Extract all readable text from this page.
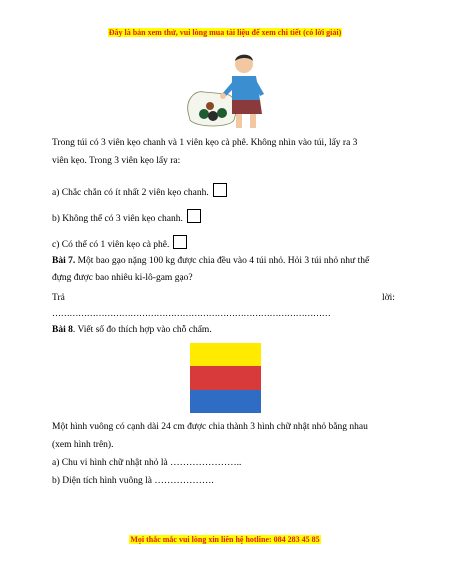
Đây là bản xem thử, vui lòng mua tài liệu để xem chi tiết (có lời giải)
Trong túi có 3 viên kẹo chanh và 1 viên kẹo cà phê. Không nhìn vào túi, lấy ra 3
viên kẹo. Trong 3 viên kẹo lấy ra:
a) Chắc chắn có ít nhất 2 viên kẹo chanh.
b) Không thể có 3 viên kẹo chanh.
c) Có thể có 1 viên kẹo cà phê.
Bài 7. Một bao gạo nặng 100 kg được chia đều vào 4 túi nhỏ. Hỏi 3 túi nhỏ như thế
đựng được bao nhiêu ki-lô-gam gạo?
Trả	lời:
……………………………………………………………………………………
Bài 8. Viết số đo thích hợp vào chỗ chấm.
Một hình vuông có cạnh dài 24 cm được chia thành 3 hình chữ nhật nhỏ bằng nhau
(xem hình trên).
a) Chu vi hình chữ nhật nhỏ là …………………..
b) Diện tích hình vuông là ……………….
Mọi thắc mắc vui lòng xin liên hệ hotline: 084 283 45 85
